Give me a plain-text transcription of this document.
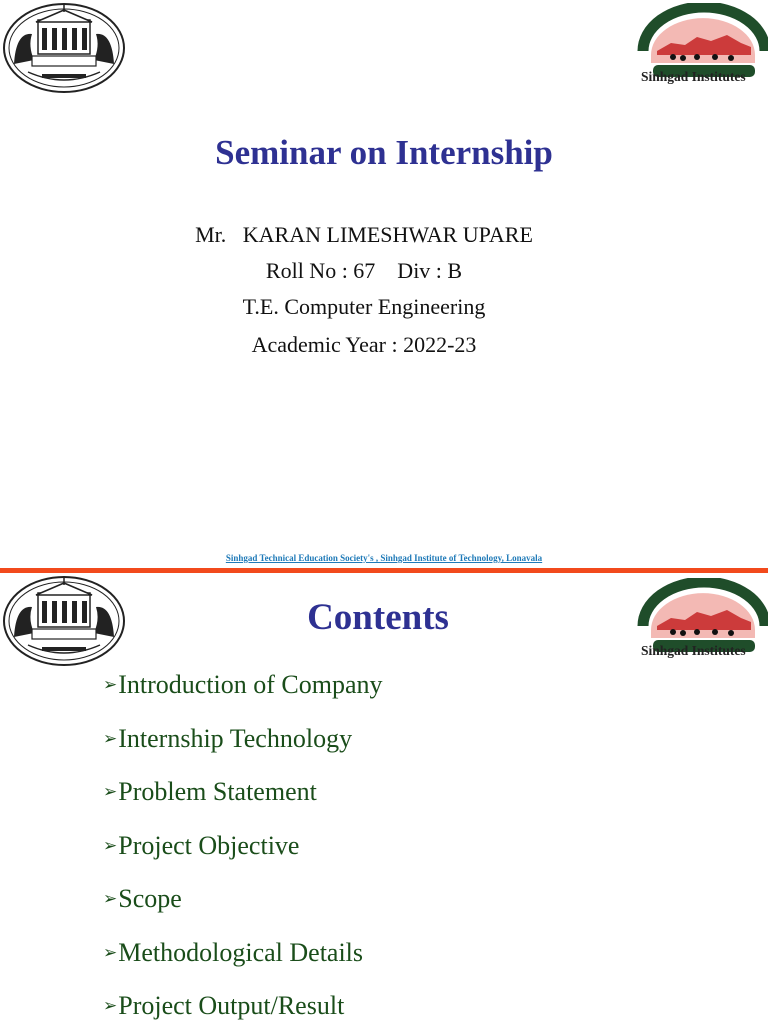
Sinhgad Institutes
Seminar on Internship
Mr.   KARAN LIMESHWAR UPARE
Roll No : 67    Div : B
T.E. Computer Engineering
Academic Year : 2022-23
Sinhgad Technical Education Society's , Sinhgad Institute of Technology, Lonavala
Sinhgad Institutes
Contents
➢Introduction of Company
➢Internship Technology
➢Problem Statement
➢Project Objective
➢Scope
➢Methodological Details
➢Project Output/Result
